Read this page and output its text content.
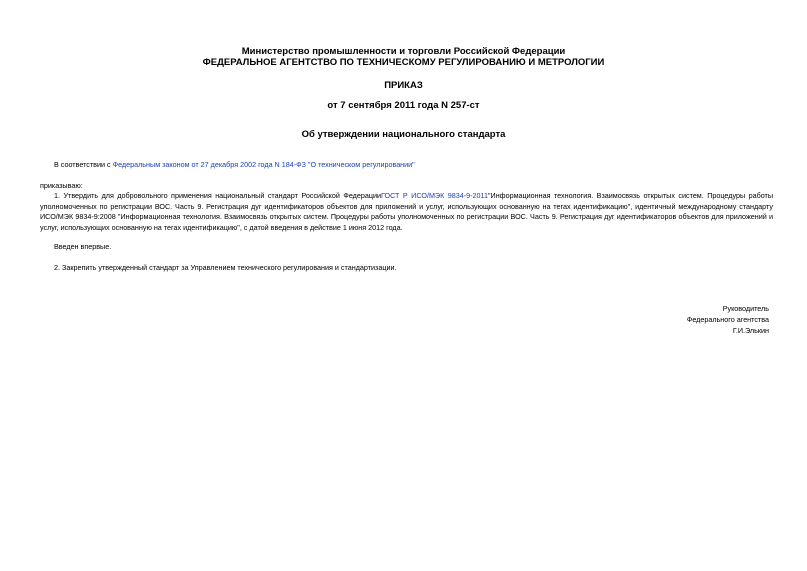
Министерство промышленности и торговли Российской Федерации
ФЕДЕРАЛЬНОЕ АГЕНТСТВО ПО ТЕХНИЧЕСКОМУ РЕГУЛИРОВАНИЮ И МЕТРОЛОГИИ
ПРИКАЗ
от 7 сентября 2011 года N 257-ст
Об утверждении национального стандарта
В соответствии с Федеральным законом от 27 декабря 2002 года N 184-ФЗ "О техническом регулировании"
приказываю:
1. Утвердить для добровольного применения национальный стандарт Российской ФедерацииГОСТ Р ИСО/МЭК 9834-9-2011"Информационная технология. Взаимосвязь открытых систем. Процедуры работы уполномоченных по регистрации ВОС. Часть 9. Регистрация дуг идентификаторов объектов для приложений и услуг, использующих основанную на тегах идентификацию", идентичный международному стандарту ИСО/МЭК 9834-9:2008 "Информационная технология. Взаимосвязь открытых систем. Процедуры работы уполномоченных по регистрации ВОС. Часть 9. Регистрация дуг идентификаторов объектов для приложений и услуг, использующих основанную на тегах идентификацию", с датой введения в действие 1 июня 2012 года.
Введен впервые.
2. Закрепить утвержденный стандарт за Управлением технического регулирования и стандартизации.
Руководитель
Федерального агентства
Г.И.Элькин
